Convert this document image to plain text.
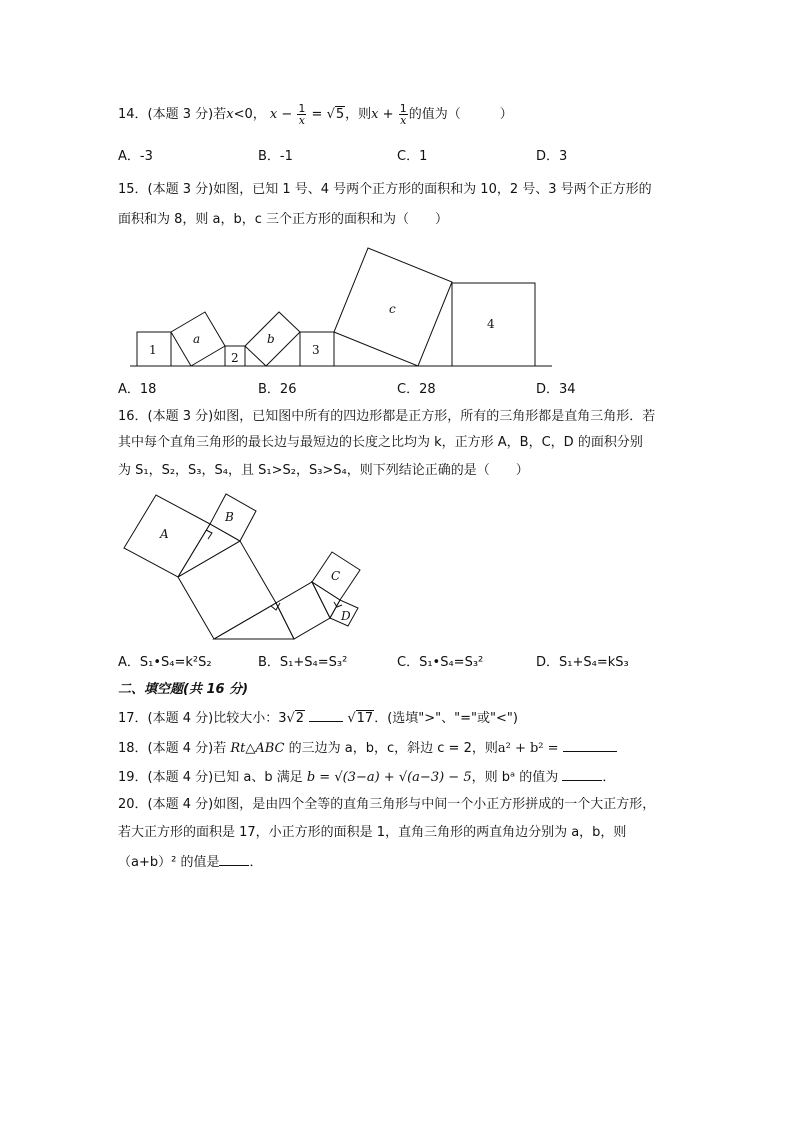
14．(本题 3 分)若x<0， $x - \frac{1}{x} = √5$，则$x + \frac{1}{x}$ 的值为（　　　）
A．-3	B．-1	C．1	D．3
15．(本题 3 分)如图，已知 1 号、4 号两个正方形的面积和为 10，2 号、3 号两个正方形的
面积和为 8，则 a，b，c 三个正方形的面积和为（　　）
1
a
2
b
3
c
4
A．18	B．26	C．28	D．34
16．(本题 3 分)如图，已知图中所有的四边形都是正方形，所有的三角形都是直角三角形．若
其中每个直角三角形的最长边与最短边的长度之比均为 k，正方形 A，B，C，D 的面积分别
为 S₁，S₂，S₃，S₄，且 S₁>S₂，S₃>S₄，则下列结论正确的是（　　）
A
B
C
D
A．S₁•S₄=k²S₂	B．S₁+S₄=S₃²	C．S₁•S₄=S₃²	D．S₁+S₄=kS₃
二、填空题(共 16 分)
17．(本题 4 分)比较大小：3√2	√17．(选填">"、"="或"<")
18．(本题 4 分)若 Rt△ABC 的三边为 a，b，c，斜边 c = 2，则a² + b² =
19．(本题 4 分)已知 a、b 满足 b = √(3−a) + √(a−3) − 5，则 bᵃ 的值为	．
20．(本题 4 分)如图，是由四个全等的直角三角形与中间一个小正方形拼成的一个大正方形，
若大正方形的面积是 17，小正方形的面积是 1，直角三角形的两直角边分别为 a，b，则
（a+b）² 的值是 ．
